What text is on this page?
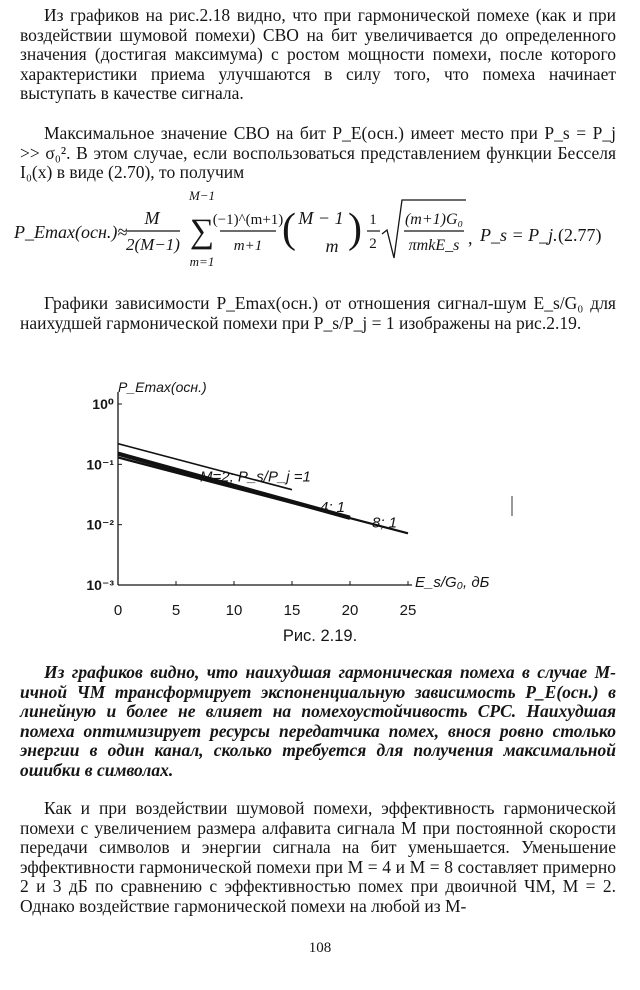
Из графиков на рис.2.18 видно, что при гармонической помехе (как и при воздействии шумовой помехи) СВО на бит увеличивается до определенного значения (достигая максимума) с ростом мощности помехи, после которого характеристики приема улучшаются в силу того, что помеха начинает выступать в качестве сигнала.

Максимальное значение СВО на бит P_E(осн.) имеет место при P_s = P_j >> σ₀². В этом случае, если воспользоваться представлением функции Бесселя I₀(x) в виде (2.70), то получим

P_Emax(осн.)≈
M
2(M−1)
M−1
∑
m=1
(−1)^(m+1)
m+1 ( M − 1
m ) 1
2
(m+1)G₀
πmkE_s , P_s = P_j. (2.77)

Графики зависимости P_Emax(осн.) от отношения сигнал-шум E_s/G₀ для наихудшей гармонической помехи при P_s/P_j = 1 изображены на рис.2.19.

10⁰
10⁻¹
10⁻²
10⁻³
0	5	10	15	20	25
M=2; P_s/P_j =1
4; 1
8; 1
P_Emax(осн.)
E_s/G₀, дБ
Рис. 2.19.

Из графиков видно, что наихудшая гармоническая помеха в случае М-ичной ЧМ трансформирует экспоненциальную зависимость P_E(осн.) в линейную и более не влияет на помехоустойчивость СРС. Наихудшая помеха оптимизирует ресурсы передатчика помех, внося ровно столько энергии в один канал, сколько требуется для получения максимальной ошибки в символах.

Как и при воздействии шумовой помехи, эффективность гармонической помехи с увеличением размера алфавита сигнала M при постоянной скорости передачи символов и энергии сигнала на бит уменьшается. Уменьшение эффективности гармонической помехи при M = 4 и M = 8 составляет примерно 2 и 3 дБ по сравнению с эффективностью помех при двоичной ЧМ, M = 2. Однако воздействие гармонической помехи на любой из М-

108
